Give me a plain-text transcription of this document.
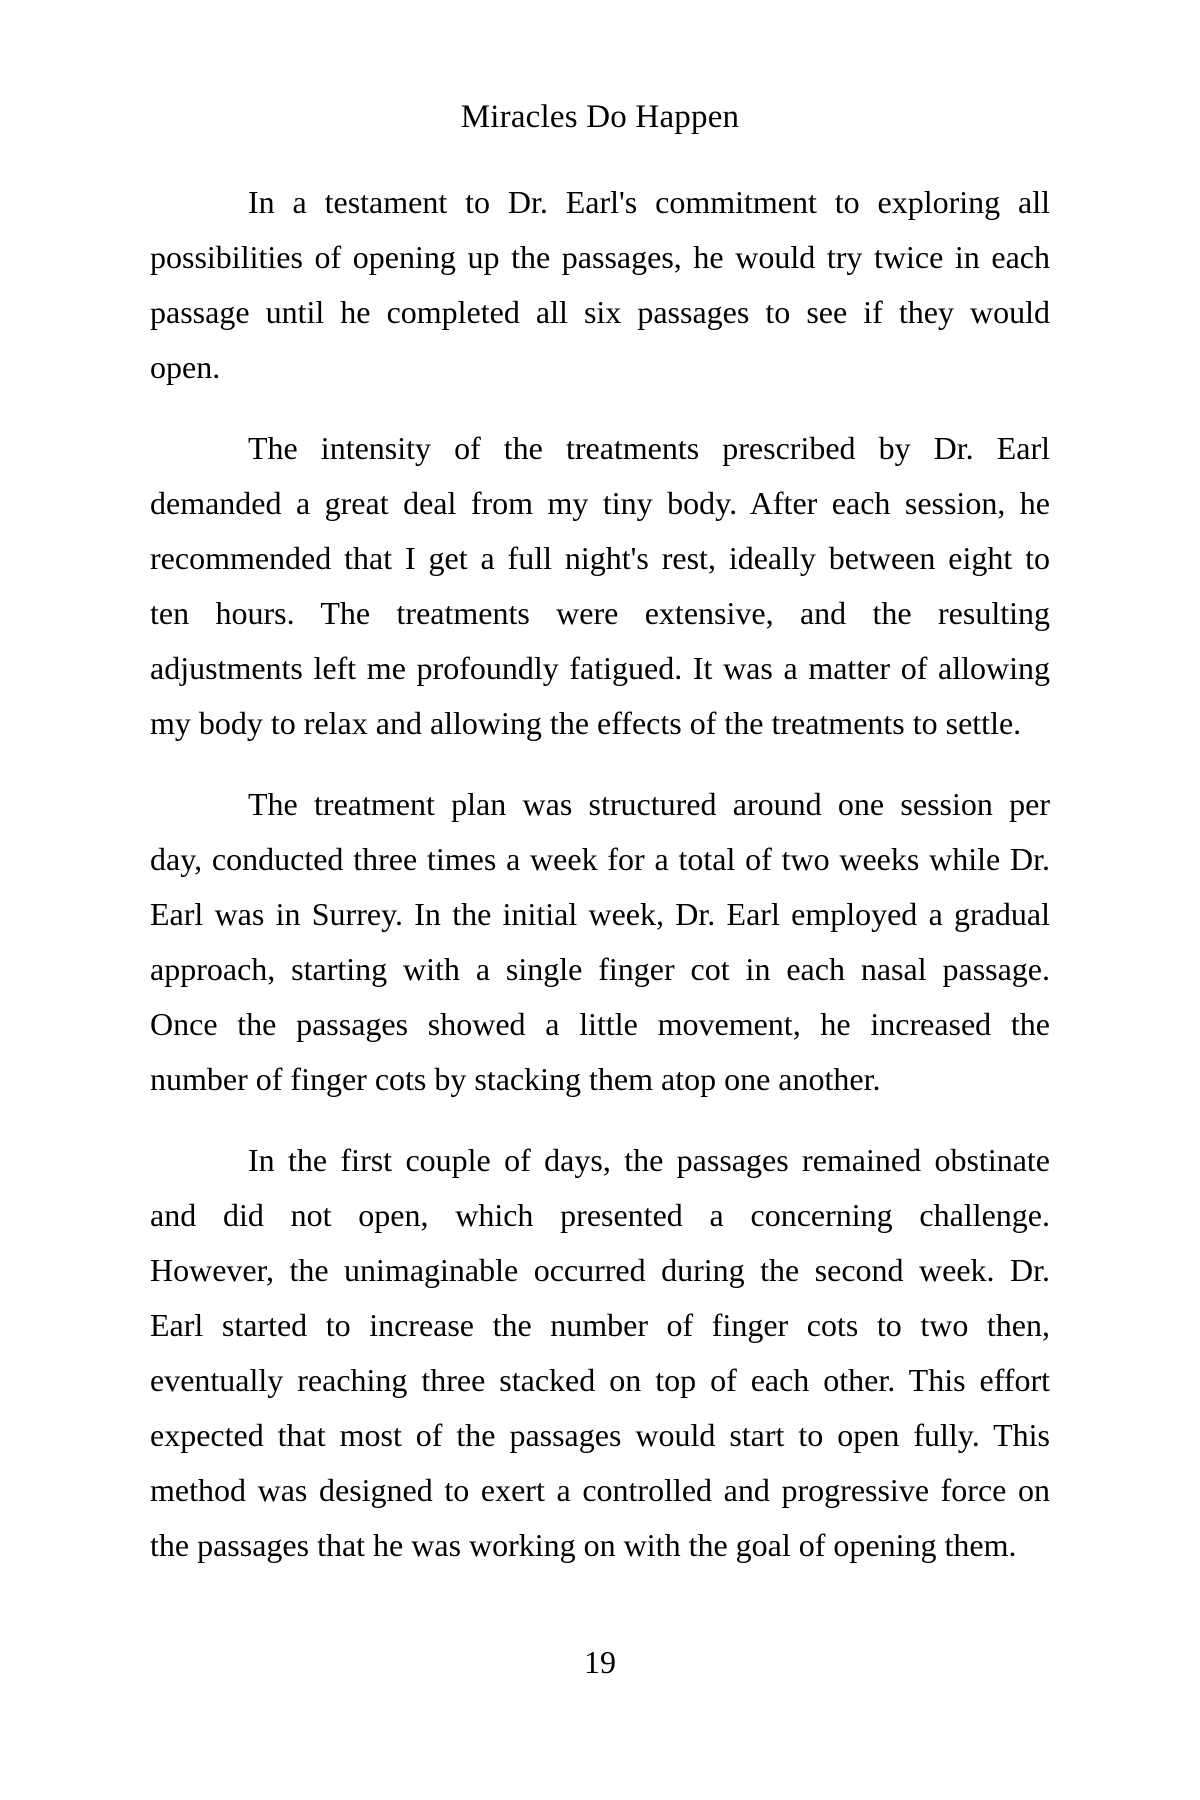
Miracles Do Happen

In a testament to Dr. Earl's commitment to exploring all
possibilities of opening up the passages, he would try twice in each
passage until he completed all six passages to see if they would
open.

The intensity of the treatments prescribed by Dr. Earl
demanded a great deal from my tiny body. After each session, he
recommended that I get a full night's rest, ideally between eight to
ten hours. The treatments were extensive, and the resulting
adjustments left me profoundly fatigued. It was a matter of allowing
my body to relax and allowing the effects of the treatments to settle.

The treatment plan was structured around one session per
day, conducted three times a week for a total of two weeks while Dr.
Earl was in Surrey. In the initial week, Dr. Earl employed a gradual
approach, starting with a single finger cot in each nasal passage.
Once the passages showed a little movement, he increased the
number of finger cots by stacking them atop one another.

In the first couple of days, the passages remained obstinate
and did not open, which presented a concerning challenge.
However, the unimaginable occurred during the second week. Dr.
Earl started to increase the number of finger cots to two then,
eventually reaching three stacked on top of each other. This effort
expected that most of the passages would start to open fully. This
method was designed to exert a controlled and progressive force on
the passages that he was working on with the goal of opening them.

19
